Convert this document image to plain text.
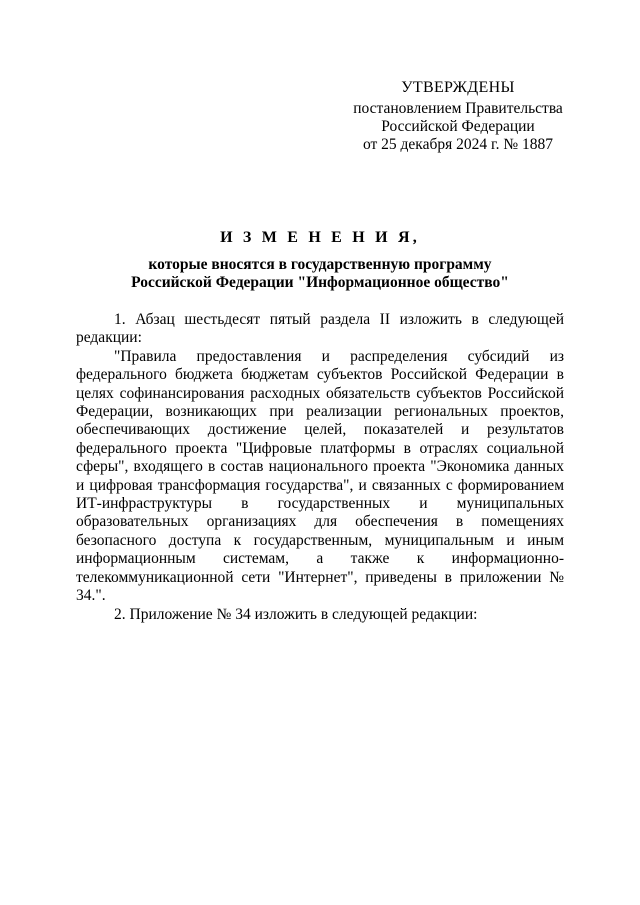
УТВЕРЖДЕНЫ
постановлением Правительства
Российской Федерации
от 25 декабря 2024 г. № 1887
И З М Е Н Е Н И Я,
которые вносятся в государственную программу
Российской Федерации "Информационное общество"

1. Абзац шестьдесят пятый раздела II изложить в следующей редакции:

"Правила предоставления и распределения субсидий из федерального бюджета бюджетам субъектов Российской Федерации в целях софинансирования расходных обязательств субъектов Российской Федерации, возникающих при реализации региональных проектов, обеспечивающих достижение целей, показателей и результатов федерального проекта "Цифровые платформы в отраслях социальной сферы", входящего в состав национального проекта "Экономика данных и цифровая трансформация государства", и связанных с формированием ИТ-инфраструктуры в государственных и муниципальных образовательных организациях для обеспечения в помещениях безопасного доступа к государственным, муниципальным и иным информационным системам, а также к информационно-телекоммуникационной сети "Интернет", приведены в приложении № 34.".

2. Приложение № 34 изложить в следующей редакции:
